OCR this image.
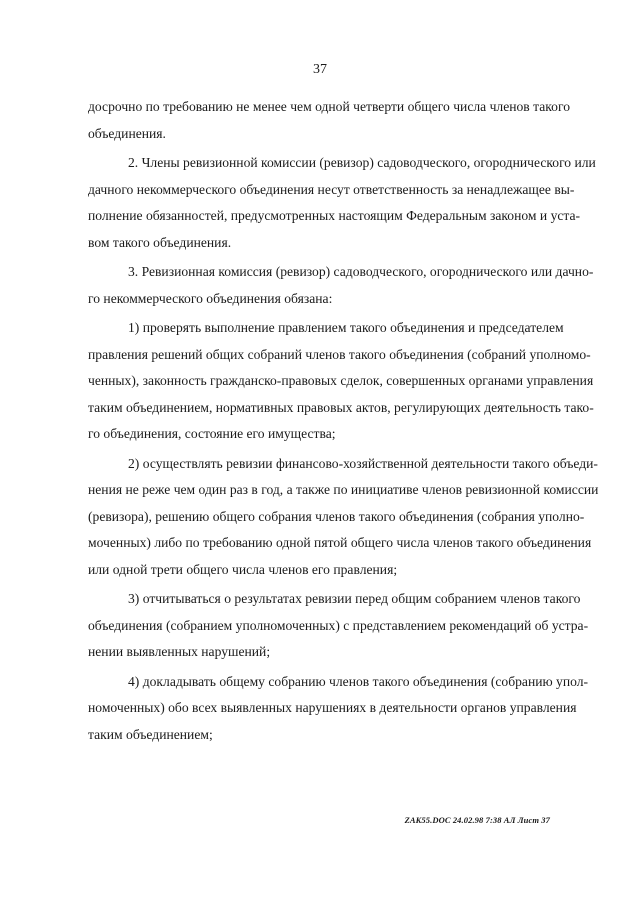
37
досрочно по требованию не менее чем одной четверти общего числа членов такого
объединения.
2. Члены ревизионной комиссии (ревизор) садоводческого, огороднического или
дачного некоммерческого объединения несут ответственность за ненадлежащее вы-
полнение обязанностей, предусмотренных настоящим Федеральным законом и уста-
вом такого объединения.
3. Ревизионная комиссия (ревизор) садоводческого, огороднического или дачно-
го некоммерческого объединения обязана:
1) проверять выполнение правлением такого объединения и председателем
правления решений общих собраний членов такого объединения (собраний уполномо-
ченных), законность гражданско-правовых сделок, совершенных органами управления
таким объединением, нормативных правовых актов, регулирующих деятельность тако-
го объединения, состояние его имущества;
2) осуществлять ревизии финансово-хозяйственной деятельности такого объеди-
нения не реже чем один раз в год, а также по инициативе членов ревизионной комиссии
(ревизора), решению общего собрания членов такого объединения (собрания уполно-
моченных) либо по требованию одной пятой общего числа членов такого объединения
или одной трети общего числа членов его правления;
3) отчитываться о результатах ревизии перед общим собранием членов такого
объединения (собранием уполномоченных) с представлением рекомендаций об устра-
нении выявленных нарушений;
4) докладывать общему собранию членов такого объединения (собранию упол-
номоченных) обо всех выявленных нарушениях в деятельности органов управления
таким объединением;
ZAK55.DOC 24.02.98 7:38 АЛ Лист 37
